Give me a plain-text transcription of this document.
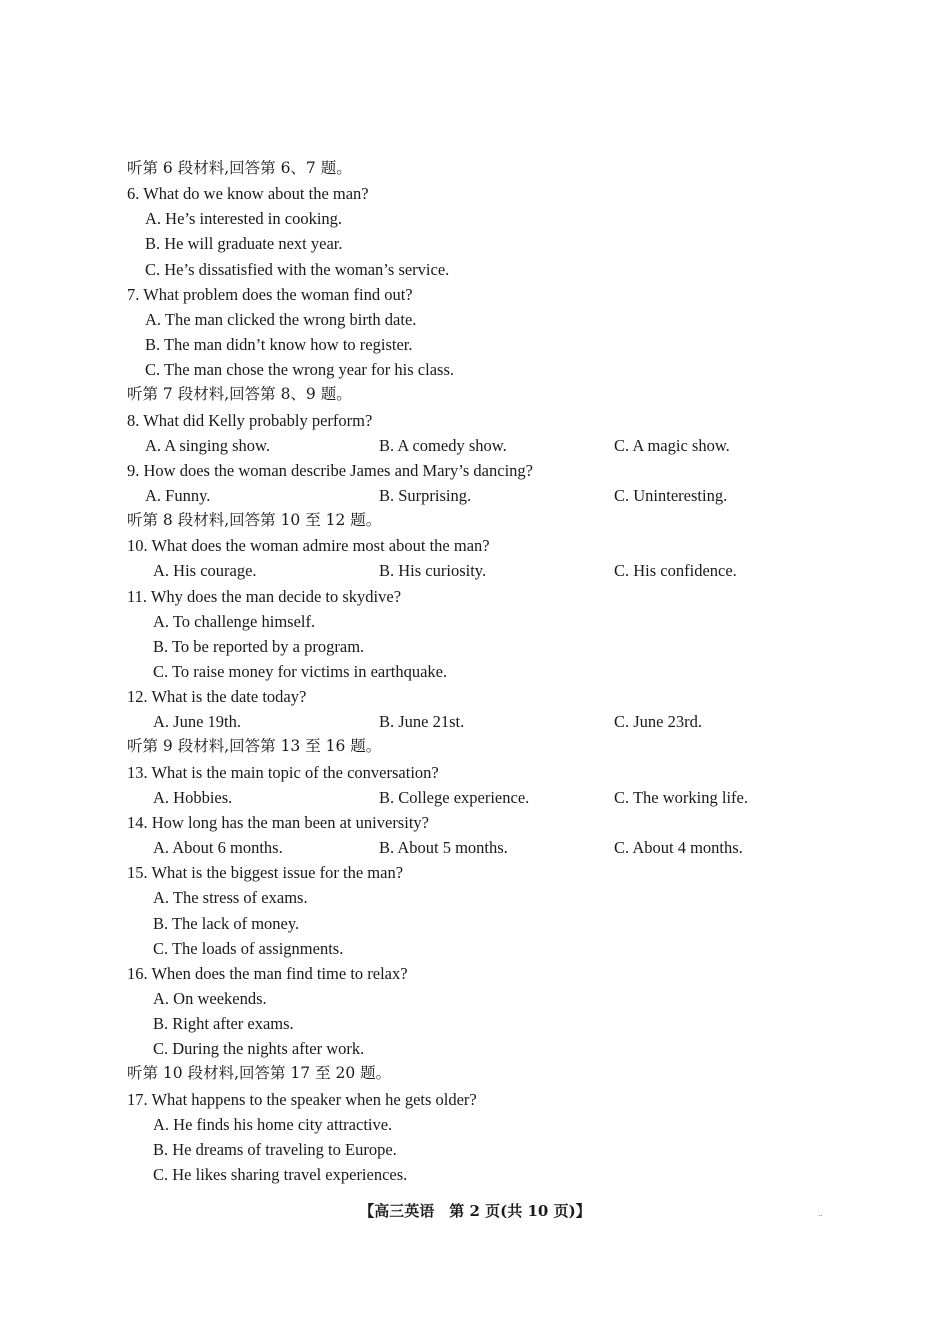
听第 6 段材料,回答第 6、7 题。
6. What do we know about the man?
A. He’s interested in cooking.
B. He will graduate next year.
C. He’s dissatisfied with the woman’s service.
7. What problem does the woman find out?
A. The man clicked the wrong birth date.
B. The man didn’t know how to register.
C. The man chose the wrong year for his class.
听第 7 段材料,回答第 8、9 题。
8. What did Kelly probably perform?
A. A singing show.	B. A comedy show.	C. A magic show.
9. How does the woman describe James and Mary’s dancing?
A. Funny.	B. Surprising.	C. Uninteresting.
听第 8 段材料,回答第 10 至 12 题。
10. What does the woman admire most about the man?
A. His courage.	B. His curiosity.	C. His confidence.
11. Why does the man decide to skydive?
A. To challenge himself.
B. To be reported by a program.
C. To raise money for victims in earthquake.
12. What is the date today?
A. June 19th.	B. June 21st.	C. June 23rd.
听第 9 段材料,回答第 13 至 16 题。
13. What is the main topic of the conversation?
A. Hobbies.	B. College experience.	C. The working life.
14. How long has the man been at university?
A. About 6 months.	B. About 5 months.	C. About 4 months.
15. What is the biggest issue for the man?
A. The stress of exams.
B. The lack of money.
C. The loads of assignments.
16. When does the man find time to relax?
A. On weekends.
B. Right after exams.
C. During the nights after work.
听第 10 段材料,回答第 17 至 20 题。
17. What happens to the speaker when he gets older?
A. He finds his home city attractive.
B. He dreams of traveling to Europe.
C. He likes sharing travel experiences.
【高三英语　第 2 页(共 10 页)】	..
